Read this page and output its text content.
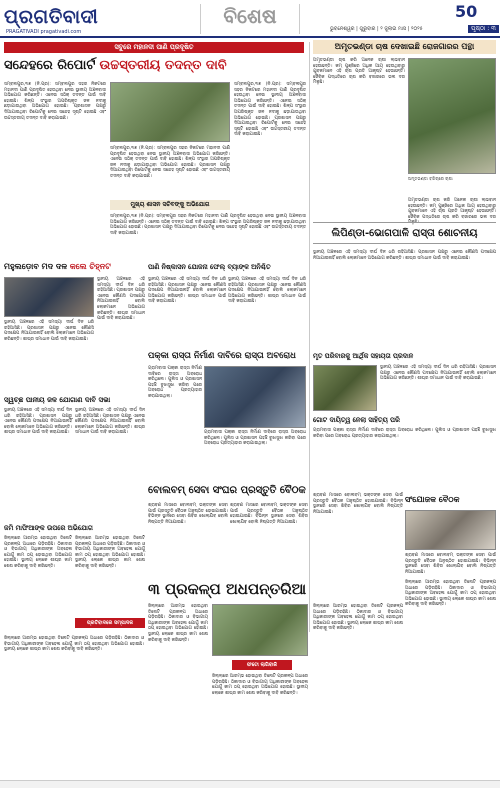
ପ୍ରଗତିବାଦୀ
PRAGATIVADI pragativadi.com
ବିଶେଷ	50
ଭୁବନେଶ୍ୱର | ଗୁରୁବାର | ୨ ଜୁଲାଇ ମାସ | ୨୦୨୫	ପୃଷ୍ଠା : ୩
ସବୁରେ ମହାନଦୀ ପାଣି ପ୍ରଦୂଷିତ
ସନ୍ଦେହରେ ରିପୋର୍ଟ ଉଚ୍ଚସ୍ତରୀୟ ତଦନ୍ତ ଦାବି
ସମ୍ବଲପୁର,୧ା୭ (ନି.ପ୍ର): ସମ୍ବଲପୁର ସହର ନିକଟରେ ମହାନଦୀ ପାଣି ପ୍ରଦୂଷିତ ହେଉଥିବା ନେଇ ସ୍ଥାନୀୟ ଅଞ୍ଚଳବାସୀ ଅଭିଯୋଗ କରିଛନ୍ତି। ଏନେଇ ସଠିକ୍ ତଦନ୍ତ ପାଇଁ ଦାବି ହୋଇଛି। ଶିଳ୍ପ ସଂସ୍ଥାର ଅପରିଷ୍କୃତ ଜଳ ନଦୀକୁ ଛଡ଼ାଯାଉଥିବା ଅଭିଯୋଗ ହୋଇଛି। ପ୍ରଶାସନ ପକ୍ଷରୁ ଦିଆଯାଇଥିବା ରିପୋର୍ଟକୁ ନେଇ ସନ୍ଦେହ ସୃଷ୍ଟି ହୋଇଛି ଏବଂ ଉଚ୍ଚସ୍ତରୀୟ ତଦନ୍ତ ଦାବି କରାଯାଇଛି।
ସମ୍ବଲପୁର,୧ା୭ (ନି.ପ୍ର): ସମ୍ବଲପୁର ସହର ନିକଟରେ ମହାନଦୀ ପାଣି ପ୍ରଦୂଷିତ ହେଉଥିବା ନେଇ ସ୍ଥାନୀୟ ଅଞ୍ଚଳବାସୀ ଅଭିଯୋଗ କରିଛନ୍ତି। ଏନେଇ ସଠିକ୍ ତଦନ୍ତ ପାଇଁ ଦାବି ହୋଇଛି। ଶିଳ୍ପ ସଂସ୍ଥାର ଅପରିଷ୍କୃତ ଜଳ ନଦୀକୁ ଛଡ଼ାଯାଉଥିବା ଅଭିଯୋଗ ହୋଇଛି। ପ୍ରଶାସନ ପକ୍ଷରୁ ଦିଆଯାଇଥିବା ରିପୋର୍ଟକୁ ନେଇ ସନ୍ଦେହ ସୃଷ୍ଟି ହୋଇଛି ଏବଂ ଉଚ୍ଚସ୍ତରୀୟ ତଦନ୍ତ ଦାବି କରାଯାଇଛି।
ମୁଖ୍ୟ ଶାସନ ସଚିବଙ୍କୁ ଅଭିଯୋଗ
ସମ୍ବଲପୁର,୧ା୭ (ନି.ପ୍ର): ସମ୍ବଲପୁର ସହର ନିକଟରେ ମହାନଦୀ ପାଣି ପ୍ରଦୂଷିତ ହେଉଥିବା ନେଇ ସ୍ଥାନୀୟ ଅଞ୍ଚଳବାସୀ ଅଭିଯୋଗ କରିଛନ୍ତି। ଏନେଇ ସଠିକ୍ ତଦନ୍ତ ପାଇଁ ଦାବି ହୋଇଛି। ଶିଳ୍ପ ସଂସ୍ଥାର ଅପରିଷ୍କୃତ ଜଳ ନଦୀକୁ ଛଡ଼ାଯାଉଥିବା ଅଭିଯୋଗ ହୋଇଛି। ପ୍ରଶାସନ ପକ୍ଷରୁ ଦିଆଯାଇଥିବା ରିପୋର୍ଟକୁ ନେଇ ସନ୍ଦେହ ସୃଷ୍ଟି ହୋଇଛି ଏବଂ ଉଚ୍ଚସ୍ତରୀୟ ତଦନ୍ତ ଦାବି କରାଯାଇଛି।
ସମ୍ବଲପୁର,୧ା୭ (ନି.ପ୍ର): ସମ୍ବଲପୁର ସହର ନିକଟରେ ମହାନଦୀ ପାଣି ପ୍ରଦୂଷିତ ହେଉଥିବା ନେଇ ସ୍ଥାନୀୟ ଅଞ୍ଚଳବାସୀ ଅଭିଯୋଗ କରିଛନ୍ତି। ଏନେଇ ସଠିକ୍ ତଦନ୍ତ ପାଇଁ ଦାବି ହୋଇଛି। ଶିଳ୍ପ ସଂସ୍ଥାର ଅପରିଷ୍କୃତ ଜଳ ନଦୀକୁ ଛଡ଼ାଯାଉଥିବା ଅଭିଯୋଗ ହୋଇଛି। ପ୍ରଶାସନ ପକ୍ଷରୁ ଦିଆଯାଇଥିବା ରିପୋର୍ଟକୁ ନେଇ ସନ୍ଦେହ ସୃଷ୍ଟି ହୋଇଛି ଏବଂ ଉଚ୍ଚସ୍ତରୀୟ ତଦନ୍ତ ଦାବି କରାଯାଇଛି।
ଅମୃତଭଣ୍ଡା ଚାଷ ଦେଖାଇଛି ରୋଜଗାରର ପନ୍ଥା
ଅମୃତଭଣ୍ଡା ଚାଷ କରି ଅନେକ ଚାଷୀ ଲାଭବାନ ହେଉଛନ୍ତି। କମ୍ ପୁଞ୍ଜିରେ ଅଧିକ ଆୟ ହେଉଥିବାରୁ ଯୁବକମାନେ ଏହି ଚାଷ ପ୍ରତି ଆକୃଷ୍ଟ ହେଉଛନ୍ତି। ଜୈବିକ ପଦ୍ଧତିରେ ଚାଷ କରି ବଜାରରେ ଭଲ ଦର ମିଳୁଛି।
ଅମୃତଭଣ୍ଡା ବଗିଚାରେ ଚାଷୀ
ଅମୃତଭଣ୍ଡା ଚାଷ କରି ଅନେକ ଚାଷୀ ଲାଭବାନ ହେଉଛନ୍ତି। କମ୍ ପୁଞ୍ଜିରେ ଅଧିକ ଆୟ ହେଉଥିବାରୁ ଯୁବକମାନେ ଏହି ଚାଷ ପ୍ରତି ଆକୃଷ୍ଟ ହେଉଛନ୍ତି। ଜୈବିକ ପଦ୍ଧତିରେ ଚାଷ କରି ବଜାରରେ ଭଲ ଦର ମିଳୁଛି।
ଲିପିଣ୍ଡା-ଭୋଗପାଳି ରାସ୍ତା ଶୋଚନୀୟ
ମହୁଲଡ଼ୋବ ମଦ ଦଳ କଲେ ଚିହ୍ନଟ	ପାଣି ନିଷ୍କାସନ ଯୋଜନା ଫେଲ୍ ବ୍ୟାଙ୍କ ଅନିଶ୍ଚିତ
ସ୍ଥାନୀୟ ଅଞ୍ଚଳରେ ଏହି ସମସ୍ୟା ଦୀର୍ଘ ଦିନ ଧରି ରହିଆସିଛି। ପ୍ରଶାସନ ପକ୍ଷରୁ ଏନେଇ କୌଣସି ପଦକ୍ଷେପ ନିଆଯାଇନାହିଁ ବୋଲି ଲୋକମାନେ ଅଭିଯୋଗ କରିଛନ୍ତି। ଶୀଘ୍ର ସମାଧାନ ପାଇଁ ଦାବି କରାଯାଇଛି।
ସ୍ଥାନୀୟ ଅଞ୍ଚଳରେ ଏହି ସମସ୍ୟା ଦୀର୍ଘ ଦିନ ଧରି ରହିଆସିଛି। ପ୍ରଶାସନ ପକ୍ଷରୁ ଏନେଇ କୌଣସି ପଦକ୍ଷେପ ନିଆଯାଇନାହିଁ ବୋଲି ଲୋକମାନେ ଅଭିଯୋଗ କରିଛନ୍ତି। ଶୀଘ୍ର ସମାଧାନ ପାଇଁ ଦାବି କରାଯାଇଛି।
ସ୍ଥାନୀୟ ଅଞ୍ଚଳରେ ଏହି ସମସ୍ୟା ଦୀର୍ଘ ଦିନ ଧରି ରହିଆସିଛି। ପ୍ରଶାସନ ପକ୍ଷରୁ ଏନେଇ କୌଣସି ପଦକ୍ଷେପ ନିଆଯାଇନାହିଁ ବୋଲି ଲୋକମାନେ ଅଭିଯୋଗ କରିଛନ୍ତି। ଶୀଘ୍ର ସମାଧାନ ପାଇଁ ଦାବି କରାଯାଇଛି।
ସ୍ଥାନୀୟ ଅଞ୍ଚଳରେ ଏହି ସମସ୍ୟା ଦୀର୍ଘ ଦିନ ଧରି ରହିଆସିଛି। ପ୍ରଶାସନ ପକ୍ଷରୁ ଏନେଇ କୌଣସି ପଦକ୍ଷେପ ନିଆଯାଇନାହିଁ ବୋଲି ଲୋକମାନେ ଅଭିଯୋଗ କରିଛନ୍ତି। ଶୀଘ୍ର ସମାଧାନ ପାଇଁ ଦାବି କରାଯାଇଛି।
ସ୍ଥାନୀୟ ଅଞ୍ଚଳରେ ଏହି ସମସ୍ୟା ଦୀର୍ଘ ଦିନ ଧରି ରହିଆସିଛି। ପ୍ରଶାସନ ପକ୍ଷରୁ ଏନେଇ କୌଣସି ପଦକ୍ଷେପ ନିଆଯାଇନାହିଁ ବୋଲି ଲୋକମାନେ ଅଭିଯୋଗ କରିଛନ୍ତି। ଶୀଘ୍ର ସମାଧାନ ପାଇଁ ଦାବି କରାଯାଇଛି।
ପକ୍କା ରାସ୍ତା ନିର୍ମାଣ ଦାବିରେ ରାସ୍ତା ଅବରୋଧ
ଗ୍ରାମବାସୀ ପକ୍କା ରାସ୍ତା ନିର୍ମାଣ ଦାବିରେ ରାସ୍ତା ଅବରୋଧ କରିଥିଲେ। ପୁଲିସ ଓ ପ୍ରଶାସନ ପହଞ୍ଚି ବୁଝାସୁଝା କରିବା ପରେ ଅବରୋଧ ପ୍ରତ୍ୟାହାର କରାଯାଇଥିଲା।
ଗ୍ରାମବାସୀ ପକ୍କା ରାସ୍ତା ନିର୍ମାଣ ଦାବିରେ ରାସ୍ତା ଅବରୋଧ କରିଥିଲେ। ପୁଲିସ ଓ ପ୍ରଶାସନ ପହଞ୍ଚି ବୁଝାସୁଝା କରିବା ପରେ ଅବରୋଧ ପ୍ରତ୍ୟାହାର କରାଯାଇଥିଲା।
ସ୍ୱଚ୍ଛ ପାନୀୟ ଜଳ ଯୋଗାଣ ଦାବି ସଭା
ସ୍ଥାନୀୟ ଅଞ୍ଚଳରେ ଏହି ସମସ୍ୟା ଦୀର୍ଘ ଦିନ ଧରି ରହିଆସିଛି। ପ୍ରଶାସନ ପକ୍ଷରୁ ଏନେଇ କୌଣସି ପଦକ୍ଷେପ ନିଆଯାଇନାହିଁ ବୋଲି ଲୋକମାନେ ଅଭିଯୋଗ କରିଛନ୍ତି। ଶୀଘ୍ର ସମାଧାନ ପାଇଁ ଦାବି କରାଯାଇଛି।
ସ୍ଥାନୀୟ ଅଞ୍ଚଳରେ ଏହି ସମସ୍ୟା ଦୀର୍ଘ ଦିନ ଧରି ରହିଆସିଛି। ପ୍ରଶାସନ ପକ୍ଷରୁ ଏନେଇ କୌଣସି ପଦକ୍ଷେପ ନିଆଯାଇନାହିଁ ବୋଲି ଲୋକମାନେ ଅଭିଯୋଗ କରିଛନ୍ତି। ଶୀଘ୍ର ସମାଧାନ ପାଇଁ ଦାବି କରାଯାଇଛି।
ମୃତ ପରିବାରକୁ ଆର୍ଥିକ ସହାୟତା ପ୍ରଦାନ
ସ୍ଥାନୀୟ ଅଞ୍ଚଳରେ ଏହି ସମସ୍ୟା ଦୀର୍ଘ ଦିନ ଧରି ରହିଆସିଛି। ପ୍ରଶାସନ ପକ୍ଷରୁ ଏନେଇ କୌଣସି ପଦକ୍ଷେପ ନିଆଯାଇନାହିଁ ବୋଲି ଲୋକମାନେ ଅଭିଯୋଗ କରିଛନ୍ତି। ଶୀଘ୍ର ସମାଧାନ ପାଇଁ ଦାବି କରାଯାଇଛି।
ଗୋଟ ଦାୟିତ୍ୱ ନେଲା ସାହିତ୍ୟ ପରି
ଗ୍ରାମବାସୀ ପକ୍କା ରାସ୍ତା ନିର୍ମାଣ ଦାବିରେ ରାସ୍ତା ଅବରୋଧ କରିଥିଲେ। ପୁଲିସ ଓ ପ୍ରଶାସନ ପହଞ୍ଚି ବୁଝାସୁଝା କରିବା ପରେ ଅବରୋଧ ପ୍ରତ୍ୟାହାର କରାଯାଇଥିଲା।
ବୋଲବମ୍ ସେବା ସଂଘର ପ୍ରସ୍ତୁତି ବୈଠକ
ଶ୍ରାବଣ ମାସରେ ବୋଲବମ୍ ଭକ୍ତଙ୍କ ସେବା ପାଇଁ ପ୍ରସ୍ତୁତି ବୈଠକ ଅନୁଷ୍ଠିତ ହୋଇଯାଇଛି। ବିଭିନ୍ନ ସ୍ଥାନରେ ସେବା ଶିବିର ଖୋଲାଯିବ ବୋଲି ନିଷ୍ପତ୍ତି ନିଆଯାଇଛି।
ଶ୍ରାବଣ ମାସରେ ବୋଲବମ୍ ଭକ୍ତଙ୍କ ସେବା ପାଇଁ ପ୍ରସ୍ତୁତି ବୈଠକ ଅନୁଷ୍ଠିତ ହୋଇଯାଇଛି। ବିଭିନ୍ନ ସ୍ଥାନରେ ସେବା ଶିବିର ଖୋଲାଯିବ ବୋଲି ନିଷ୍ପତ୍ତି ନିଆଯାଇଛି।
ଶ୍ରାବଣ ମାସରେ ବୋଲବମ୍ ଭକ୍ତଙ୍କ ସେବା ପାଇଁ ପ୍ରସ୍ତୁତି ବୈଠକ ଅନୁଷ୍ଠିତ ହୋଇଯାଇଛି। ବିଭିନ୍ନ ସ୍ଥାନରେ ସେବା ଶିବିର ଖୋଲାଯିବ ବୋଲି ନିଷ୍ପତ୍ତି ନିଆଯାଇଛି।
ସଂଯୋଜକ ବୈଠକ
ଶ୍ରାବଣ ମାସରେ ବୋଲବମ୍ ଭକ୍ତଙ୍କ ସେବା ପାଇଁ ପ୍ରସ୍ତୁତି ବୈଠକ ଅନୁଷ୍ଠିତ ହୋଇଯାଇଛି। ବିଭିନ୍ନ ସ୍ଥାନରେ ସେବା ଶିବିର ଖୋଲାଯିବ ବୋଲି ନିଷ୍ପତ୍ତି ନିଆଯାଇଛି।
ଜମି ମାଫିଆଙ୍କ ଉପରେ ଅଭିଯୋଗ
ଜିଲ୍ଲାରେ ଆରମ୍ଭ ହୋଇଥିବା ତିନୋଟି ପ୍ରକଳ୍ପ ଅଧାରେ ପଡ଼ିରହିଛି। ଠିକାଦାର ଓ ବିଭାଗୀୟ ଅଧିକାରୀଙ୍କ ଅବହେଳା ଯୋଗୁଁ କାମ ଠପ୍ ହୋଇଥିବା ଅଭିଯୋଗ ହୋଇଛି। ସ୍ଥାନୀୟ ଲୋକେ ଶୀଘ୍ର କାମ ଶେଷ କରିବାକୁ ଦାବି କରିଛନ୍ତି।
ଜିଲ୍ଲାରେ ଆରମ୍ଭ ହୋଇଥିବା ତିନୋଟି ପ୍ରକଳ୍ପ ଅଧାରେ ପଡ଼ିରହିଛି। ଠିକାଦାର ଓ ବିଭାଗୀୟ ଅଧିକାରୀଙ୍କ ଅବହେଳା ଯୋଗୁଁ କାମ ଠପ୍ ହୋଇଥିବା ଅଭିଯୋଗ ହୋଇଛି। ସ୍ଥାନୀୟ ଲୋକେ ଶୀଘ୍ର କାମ ଶେଷ କରିବାକୁ ଦାବି କରିଛନ୍ତି।
ପ୍ରତିବାଦରେ ସମ୍ପାଦକ
୩ ପ୍ରକଳ୍ପ ଅଧପନ୍ତରିଆ
ଜିଲ୍ଲାରେ ଆରମ୍ଭ ହୋଇଥିବା ତିନୋଟି ପ୍ରକଳ୍ପ ଅଧାରେ ପଡ଼ିରହିଛି। ଠିକାଦାର ଓ ବିଭାଗୀୟ ଅଧିକାରୀଙ୍କ ଅବହେଳା ଯୋଗୁଁ କାମ ଠପ୍ ହୋଇଥିବା ଅଭିଯୋଗ ହୋଇଛି। ସ୍ଥାନୀୟ ଲୋକେ ଶୀଘ୍ର କାମ ଶେଷ କରିବାକୁ ଦାବି କରିଛନ୍ତି।
ଫଟୋ ଲାଗିବାକି
ଜିଲ୍ଲାରେ ଆରମ୍ଭ ହୋଇଥିବା ତିନୋଟି ପ୍ରକଳ୍ପ ଅଧାରେ ପଡ଼ିରହିଛି। ଠିକାଦାର ଓ ବିଭାଗୀୟ ଅଧିକାରୀଙ୍କ ଅବହେଳା ଯୋଗୁଁ କାମ ଠପ୍ ହୋଇଥିବା ଅଭିଯୋଗ ହୋଇଛି। ସ୍ଥାନୀୟ ଲୋକେ ଶୀଘ୍ର କାମ ଶେଷ କରିବାକୁ ଦାବି କରିଛନ୍ତି।
ଜିଲ୍ଲାରେ ଆରମ୍ଭ ହୋଇଥିବା ତିନୋଟି ପ୍ରକଳ୍ପ ଅଧାରେ ପଡ଼ିରହିଛି। ଠିକାଦାର ଓ ବିଭାଗୀୟ ଅଧିକାରୀଙ୍କ ଅବହେଳା ଯୋଗୁଁ କାମ ଠପ୍ ହୋଇଥିବା ଅଭିଯୋଗ ହୋଇଛି। ସ୍ଥାନୀୟ ଲୋକେ ଶୀଘ୍ର କାମ ଶେଷ କରିବାକୁ ଦାବି କରିଛନ୍ତି।
ଜିଲ୍ଲାରେ ଆରମ୍ଭ ହୋଇଥିବା ତିନୋଟି ପ୍ରକଳ୍ପ ଅଧାରେ ପଡ଼ିରହିଛି। ଠିକାଦାର ଓ ବିଭାଗୀୟ ଅଧିକାରୀଙ୍କ ଅବହେଳା ଯୋଗୁଁ କାମ ଠପ୍ ହୋଇଥିବା ଅଭିଯୋଗ ହୋଇଛି। ସ୍ଥାନୀୟ ଲୋକେ ଶୀଘ୍ର କାମ ଶେଷ କରିବାକୁ ଦାବି କରିଛନ୍ତି।
ଜିଲ୍ଲାରେ ଆରମ୍ଭ ହୋଇଥିବା ତିନୋଟି ପ୍ରକଳ୍ପ ଅଧାରେ ପଡ଼ିରହିଛି। ଠିକାଦାର ଓ ବିଭାଗୀୟ ଅଧିକାରୀଙ୍କ ଅବହେଳା ଯୋଗୁଁ କାମ ଠପ୍ ହୋଇଥିବା ଅଭିଯୋଗ ହୋଇଛି। ସ୍ଥାନୀୟ ଲୋକେ ଶୀଘ୍ର କାମ ଶେଷ କରିବାକୁ ଦାବି କରିଛନ୍ତି।
